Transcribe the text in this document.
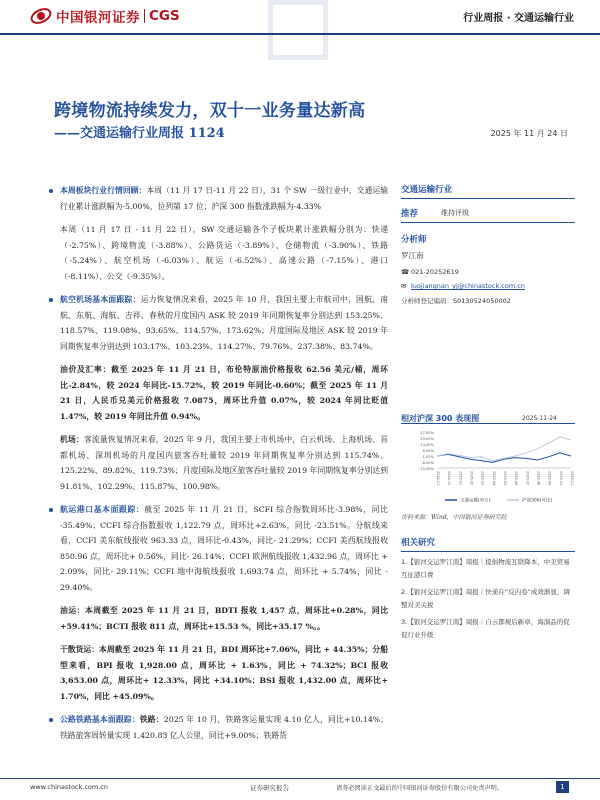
中国银河证券 CGS	行业周报 · 交通运输行业
跨境物流持续发力，双十一业务量达新高
——交通运输行业周报 1124	2025 年 11 月 24 日

本周板块行业行情回顾：本周（11 月 17 日-11 月 22 日），31 个 SW 一级行业中，交通运输行业累计涨跌幅为-5.00%，位列第 17 位；沪深 300 指数涨跌幅为-4.33%

本周（11 月 17 日 - 11 月 22 日），SW 交通运输各个子板块累计涨跌幅分别为：快递（-2.75%）、跨境物流（-3.88%）、公路货运（-3.89%）、仓储物流（-3.90%）、铁路（-5.24%）、航空机场（-6.03%）、航运（-6.52%）、高速公路（-7.15%）、港口（-8.11%）、公交（-9.35%）。

航空机场基本面跟踪：运力恢复情况来看，2025 年 10 月，我国主要上市航司中，国航、南航、东航、海航、吉祥、春秋的月度国内 ASK 较 2019 年同期恢复率分别达到 153.25%、118.57%、119.08%、93.65%、114.57%、173.62%；月度国际及地区 ASK 较 2019 年同期恢复率分别达到 103.17%、103.23%、114.27%、79.76%、237.38%、83.74%。

油价及汇率：截至 2025 年 11 月 21 日，布伦特原油价格报收 62.56 美元/桶，周环比-2.84%，较 2024 年同比-15.72%，较 2019 年同比-0.60%；截至 2025 年 11 月 21 日，人民币兑美元价格报收 7.0875，周环比升值 0.07%，较 2024 年同比贬值 1.47%，较 2019 年同比升值 0.94%。

机场：客流量恢复情况来看，2025 年 9 月，我国主要上市机场中，白云机场、上海机场、首都机场、深圳机场的月度国内旅客吞吐量较 2019 年同期恢复率分别达到 115.74%、125.22%、89.82%、119.73%；月度国际及地区旅客吞吐量较 2019 年同期恢复率分别达到 91.81%、102.29%、115.87%、100.98%。

航运港口基本面跟踪：截至 2025 年 11 月 21 日，SCFI 综合指数周环比-3.98%，同比 -35.49%；CCFI 综合指数报收 1,122.79 点，周环比+2.63%，同比 -23.51%。分航线来看，CCFI 美东航线报收 963.33 点，周环比-0.43%，同比- 21.29%；CCFI 美西航线报收 850.96 点，周环比+ 0.56%，同比- 26.14%；CCFI 欧洲航线报收 1,432.96 点，周环比 + 2.09%，同比- 29.11%；CCFI 地中海航线报收 1,693.74 点，周环比 + 5.74%，同比 - 29.40%。

油运：本周截至 2025 年 11 月 21 日，BDTI 报收 1,457 点，周环比+0.28%，同比+59.41%；BCTI 报收 811 点，周环比+15.53 %，同比+35.17 %。。

干散货运：本周截至 2025 年 11 月 21 日，BDI 周环比+7.06%，同比 + 44.35%；分船型来看，BPI 报收 1,928.00 点，周环比 + 1.63%，同比 + 74.32%；BCI 报收 3,653.00 点，周环比+ 12.33%，同比 +34.10%；BSI 报收 1,432.00 点，周环比+ 1.70%，同比 +45.09%。

公路铁路基本面跟踪：铁路：2025 年 10 月，铁路客运量实现 4.10 亿人，同比+10.14%；铁路旅客周转量实现 1,420.83 亿人公里，同比+9.00%；铁路货

交通运输行业
推荐	维持评级
分析师
罗江南
☎ 021-20252619
✉ luojiangnan_yj@chinastock.com.cn
分析师登记编码：S0130524050002
相对沪深 300 表现图	2025-11-24
27.00%
20.00%
13.00%
6.00%
-1.00%
-8.00%
-15.00%
2024-11 2024-12 2025-01 2025-02 2025-03 2025-04 2025-05 2025-06 2025-07 2025-08 2025-09 2025-10 2025-11
交通运输(申万)	沪深300(可比)
资料来源：Wind，中国银河证券研究院
相关研究
1.【银河交运罗江南】周报｜提倡物流互联降本，中美贸易互征港口费
2.【银河交运罗江南】周报｜快递在“反内卷”成效渐显，调整对美关税
3.【银河交运罗江南】周报｜自云都规后新章，海洞品的促促行业升级
www.chinastock.com.cn	证券研究报告	请务必阅读正文最后的中国银河证券股份有限公司免责声明。	1
